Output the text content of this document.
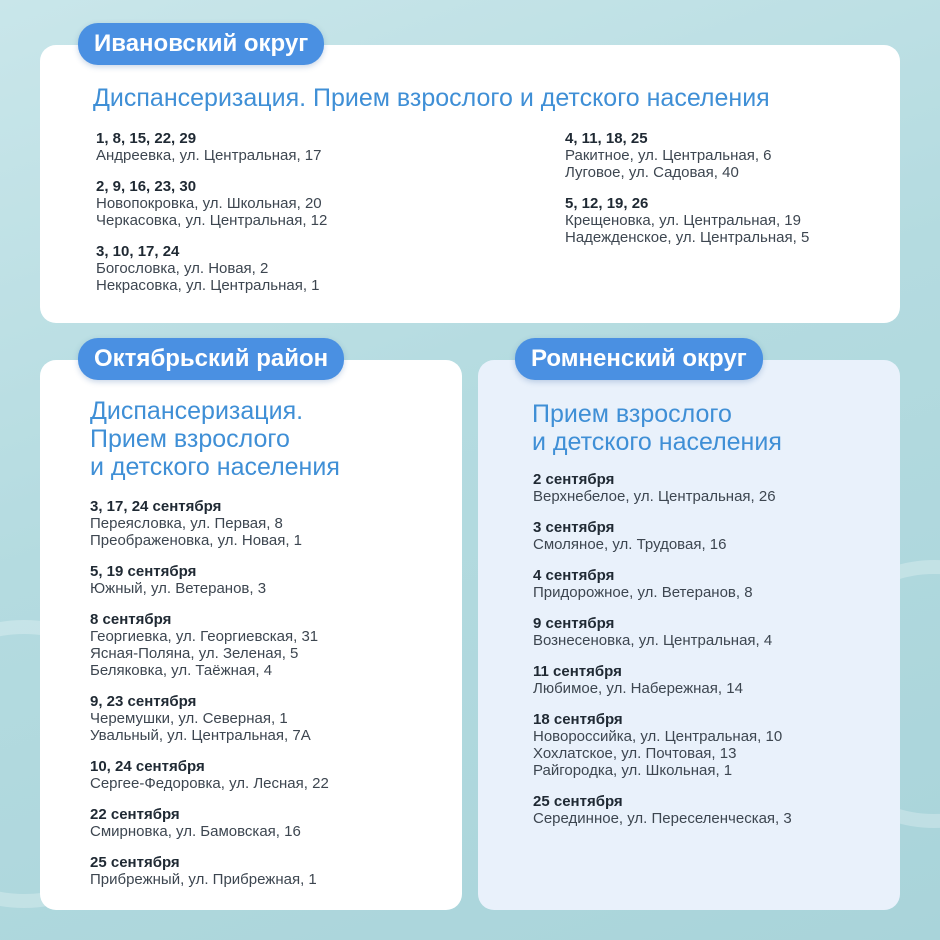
Ивановский округ
Диспансеризация. Прием взрослого и детского населения
1, 8, 15, 22, 29
Андреевка, ул. Центральная, 17
2, 9, 16, 23, 30
Новопокровка, ул. Школьная, 20
Черкасовка, ул. Центральная, 12
3, 10, 17, 24
Богословка, ул. Новая, 2
Некрасовка, ул. Центральная, 1
4, 11, 18, 25
Ракитное, ул. Центральная, 6
Луговое, ул. Садовая, 40
5, 12, 19, 26
Крещеновка, ул. Центральная, 19
Надежденское, ул. Центральная, 5
Октябрьский район
Диспансеризация.
Прием взрослого
и детского населения
3, 17, 24 сентября
Переясловка, ул. Первая, 8
Преображеновка, ул. Новая, 1
5, 19 сентября
Южный, ул. Ветеранов, 3
8 сентября
Георгиевка, ул. Георгиевская, 31
Ясная-Поляна, ул. Зеленая, 5
Беляковка, ул. Таёжная, 4
9, 23 сентября
Черемушки, ул. Северная, 1
Увальный, ул. Центральная, 7А
10, 24 сентября
Сергее-Федоровка, ул. Лесная, 22
22 сентября
Смирновка, ул. Бамовская, 16
25 сентября
Прибрежный, ул. Прибрежная, 1
Ромненский округ
Прием взрослого
и детского населения
2 сентября
Верхнебелое, ул. Центральная, 26
3 сентября
Смоляное, ул. Трудовая, 16
4 сентября
Придорожное, ул. Ветеранов, 8
9 сентября
Вознесеновка, ул. Центральная, 4
11 сентября
Любимое, ул. Набережная, 14
18 сентября
Новороссийка, ул. Центральная, 10
Хохлатское, ул. Почтовая, 13
Райгородка, ул. Школьная, 1
25 сентября
Серединное, ул. Переселенческая, 3
